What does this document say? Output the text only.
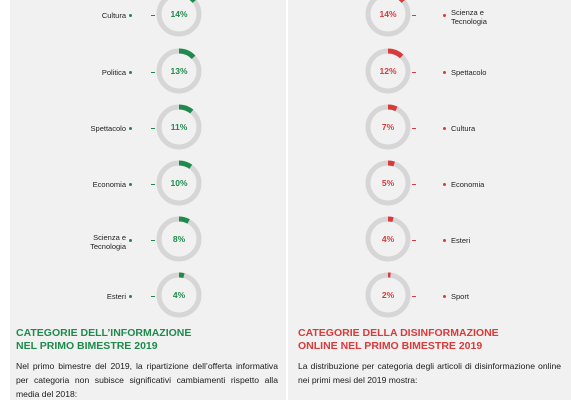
14%
Cultura
13%
Politica
11%
Spettacolo
10%
Economia
8%
Scienza e
Tecnologia
4%
Esteri
CATEGORIE DELL’INFORMAZIONE
NEL PRIMO BIMESTRE 2019

Nel primo bimestre del 2019, la ripartizione dell’offerta informativa per categoria non subisce significativi cambiamenti rispetto alla media del 2018:

14%	Scienza e
Tecnologia
12%	Spettacolo
7%	Cultura
5%	Economia
4%	Esteri
2%	Sport
CATEGORIE DELLA DISINFORMAZIONE
ONLINE NEL PRIMO BIMESTRE 2019

La distribuzione per categoria degli articoli di disinformazione online nei primi mesi del 2019 mostra:
